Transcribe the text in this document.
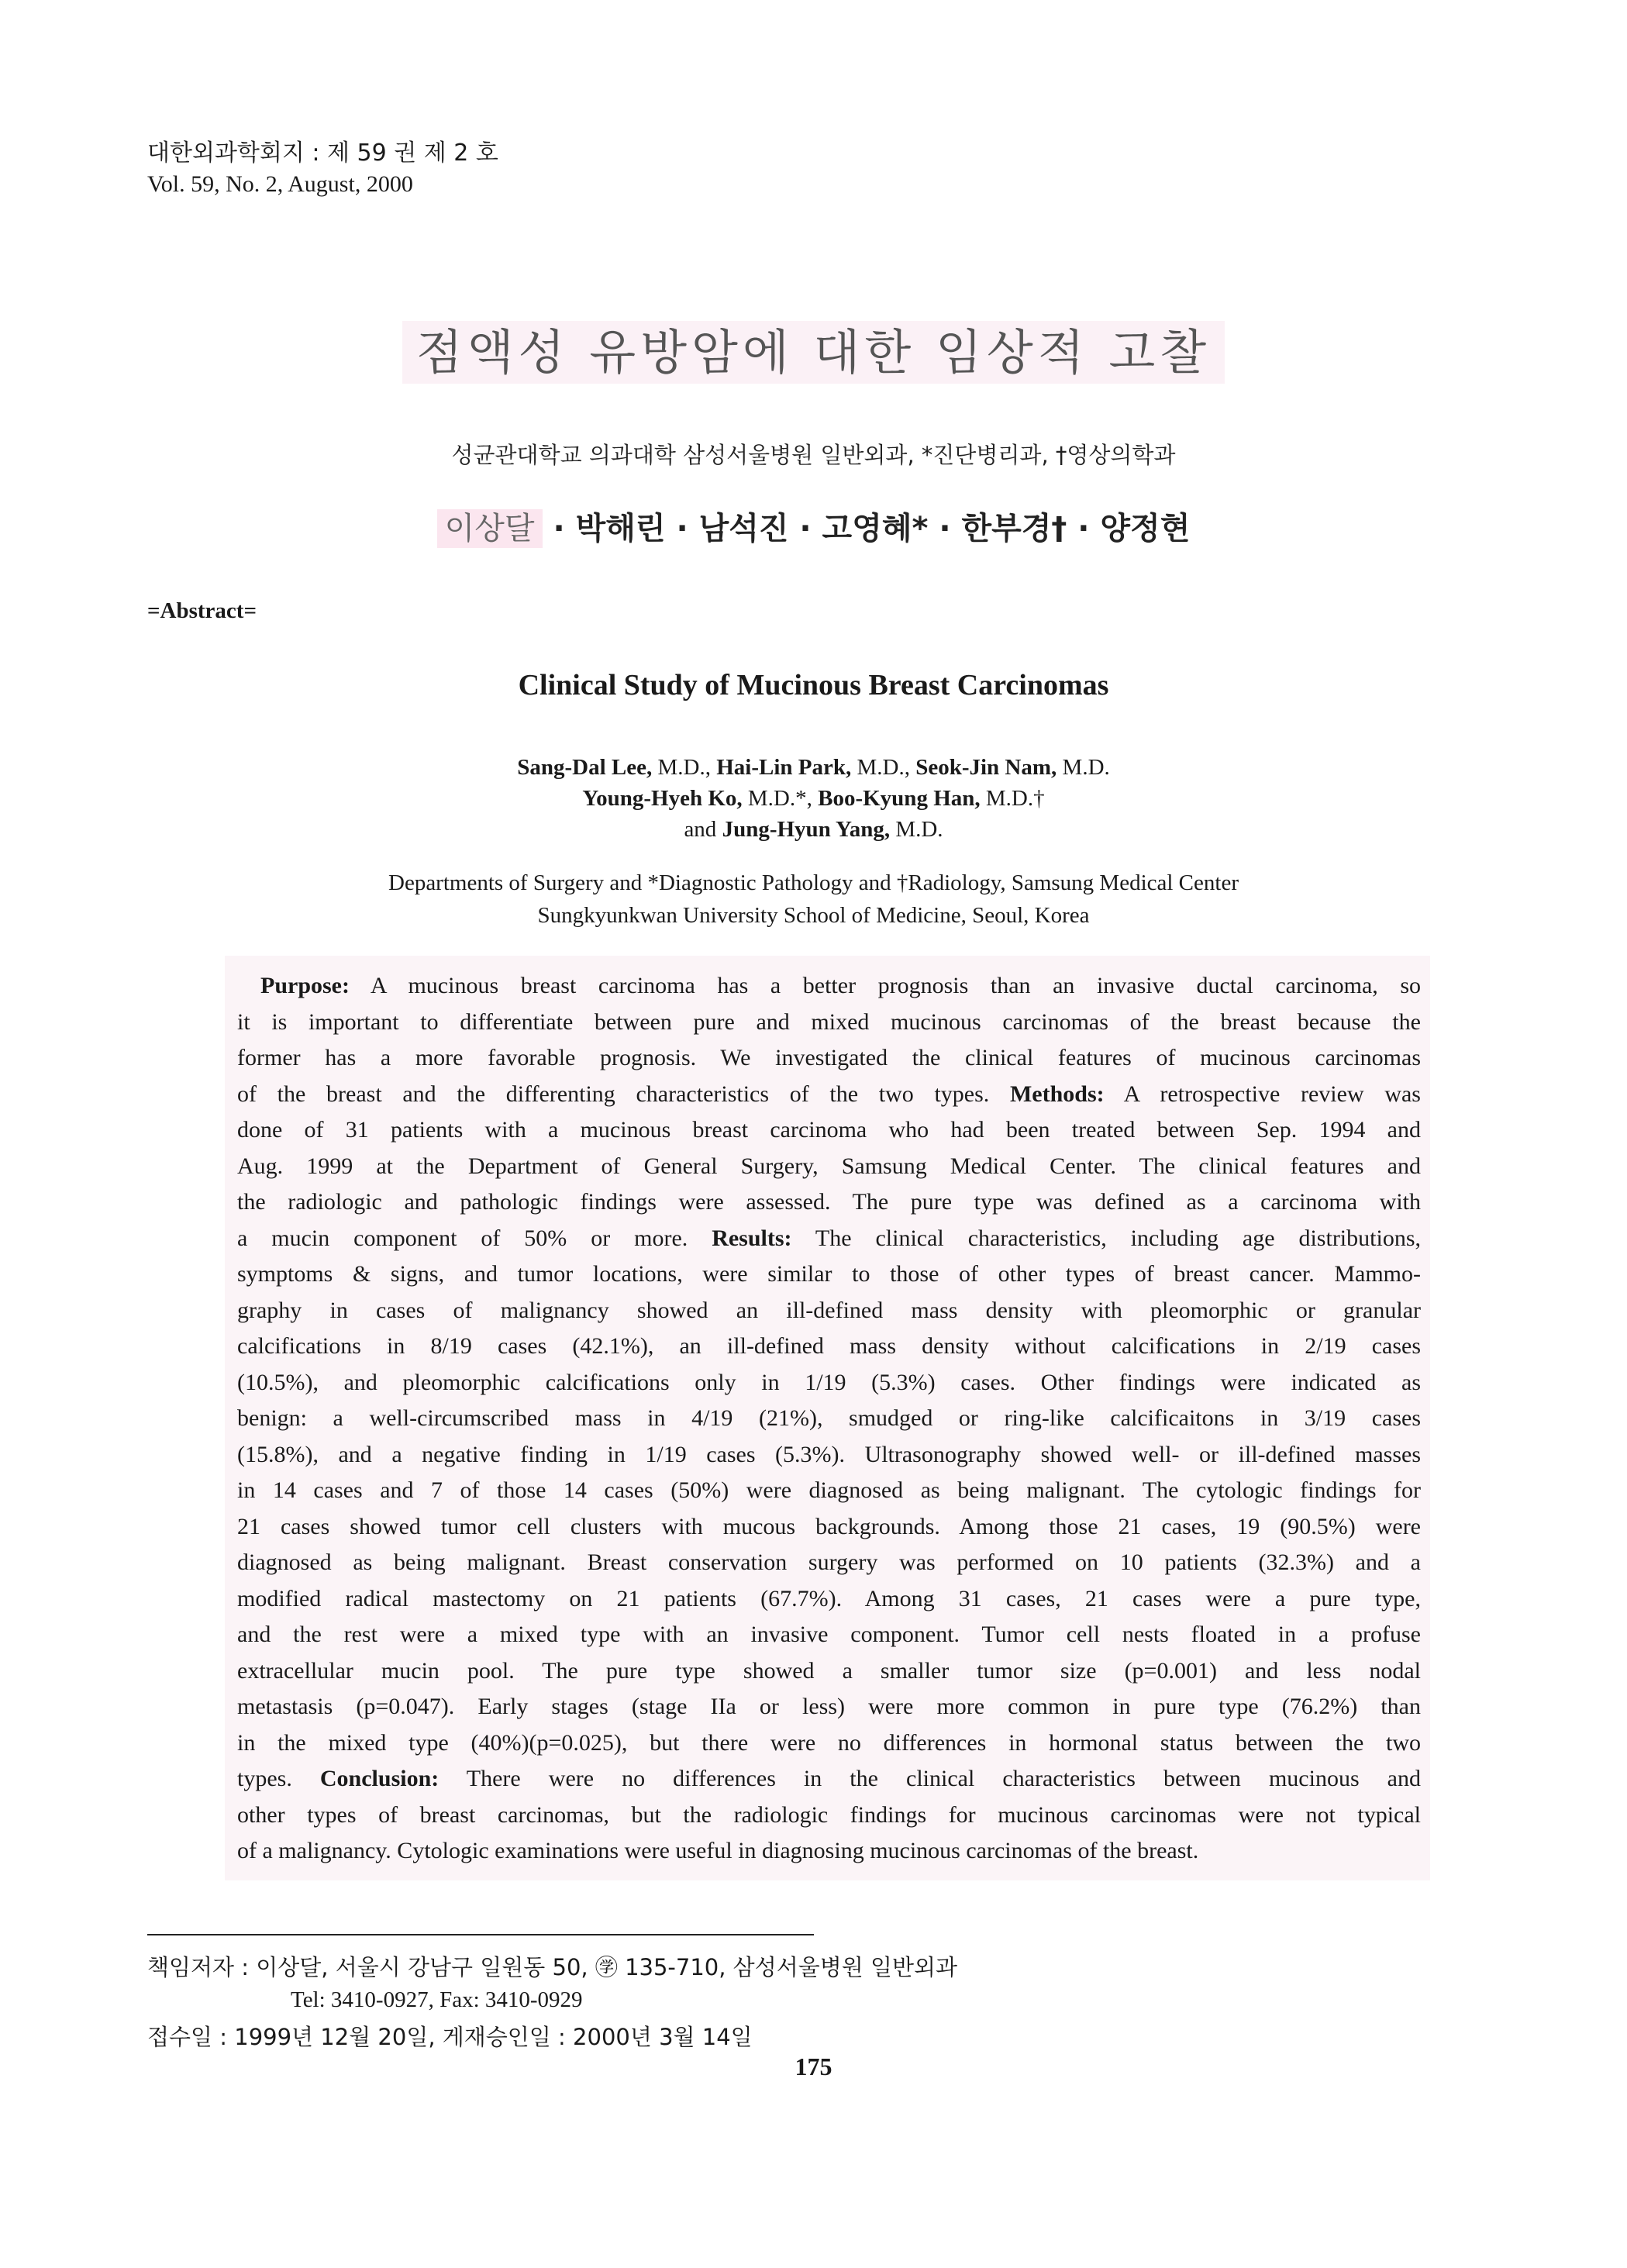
대한외과학회지 : 제 59 권 제 2 호
Vol. 59, No. 2, August, 2000
점액성 유방암에 대한 임상적 고찰
성균관대학교 의과대학 삼성서울병원 일반외과, *진단병리과, †영상의학과
이상달 · 박해린 · 남석진 · 고영혜* · 한부경† · 양정현
=Abstract=
Clinical Study of Mucinous Breast Carcinomas
Sang-Dal Lee, M.D., Hai-Lin Park, M.D., Seok-Jin Nam, M.D.
Young-Hyeh Ko, M.D.*, Boo-Kyung Han, M.D.†
and Jung-Hyun Yang, M.D.
Departments of Surgery and *Diagnostic Pathology and †Radiology, Samsung Medical Center
Sungkyunkwan University School of Medicine, Seoul, Korea
Purpose: A mucinous breast carcinoma has a better prognosis than an invasive ductal carcinoma, so
it is important to differentiate between pure and mixed mucinous carcinomas of the breast because the
former has a more favorable prognosis. We investigated the clinical features of mucinous carcinomas
of the breast and the differenting characteristics of the two types. Methods: A retrospective review was
done of 31 patients with a mucinous breast carcinoma who had been treated between Sep. 1994 and
Aug. 1999 at the Department of General Surgery, Samsung Medical Center. The clinical features and
the radiologic and pathologic findings were assessed. The pure type was defined as a carcinoma with
a mucin component of 50% or more. Results: The clinical characteristics, including age distributions,
symptoms & signs, and tumor locations, were similar to those of other types of breast cancer. Mammo-
graphy in cases of malignancy showed an ill-defined mass density with pleomorphic or granular
calcifications in 8/19 cases (42.1%), an ill-defined mass density without calcifications in 2/19 cases
(10.5%), and pleomorphic calcifications only in 1/19 (5.3%) cases. Other findings were indicated as
benign: a well-circumscribed mass in 4/19 (21%), smudged or ring-like calcificaitons in 3/19 cases
(15.8%), and a negative finding in 1/19 cases (5.3%). Ultrasonography showed well- or ill-defined masses
in 14 cases and 7 of those 14 cases (50%) were diagnosed as being malignant. The cytologic findings for
21 cases showed tumor cell clusters with mucous backgrounds. Among those 21 cases, 19 (90.5%) were
diagnosed as being malignant. Breast conservation surgery was performed on 10 patients (32.3%) and a
modified radical mastectomy on 21 patients (67.7%). Among 31 cases, 21 cases were a pure type,
and the rest were a mixed type with an invasive component. Tumor cell nests floated in a profuse
extracellular mucin pool. The pure type showed a smaller tumor size (p=0.001) and less nodal
metastasis (p=0.047). Early stages (stage IIa or less) were more common in pure type (76.2%) than
in the mixed type (40%)(p=0.025), but there were no differences in hormonal status between the two
types. Conclusion: There were no differences in the clinical characteristics between mucinous and
other types of breast carcinomas, but the radiologic findings for mucinous carcinomas were not typical
of a malignancy. Cytologic examinations were useful in diagnosing mucinous carcinomas of the breast.
책임저자 : 이상달, 서울시 강남구 일원동 50, ㊫ 135-710, 삼성서울병원 일반외과
Tel: 3410-0927, Fax: 3410-0929
접수일 : 1999년 12월 20일, 게재승인일 : 2000년 3월 14일
175
